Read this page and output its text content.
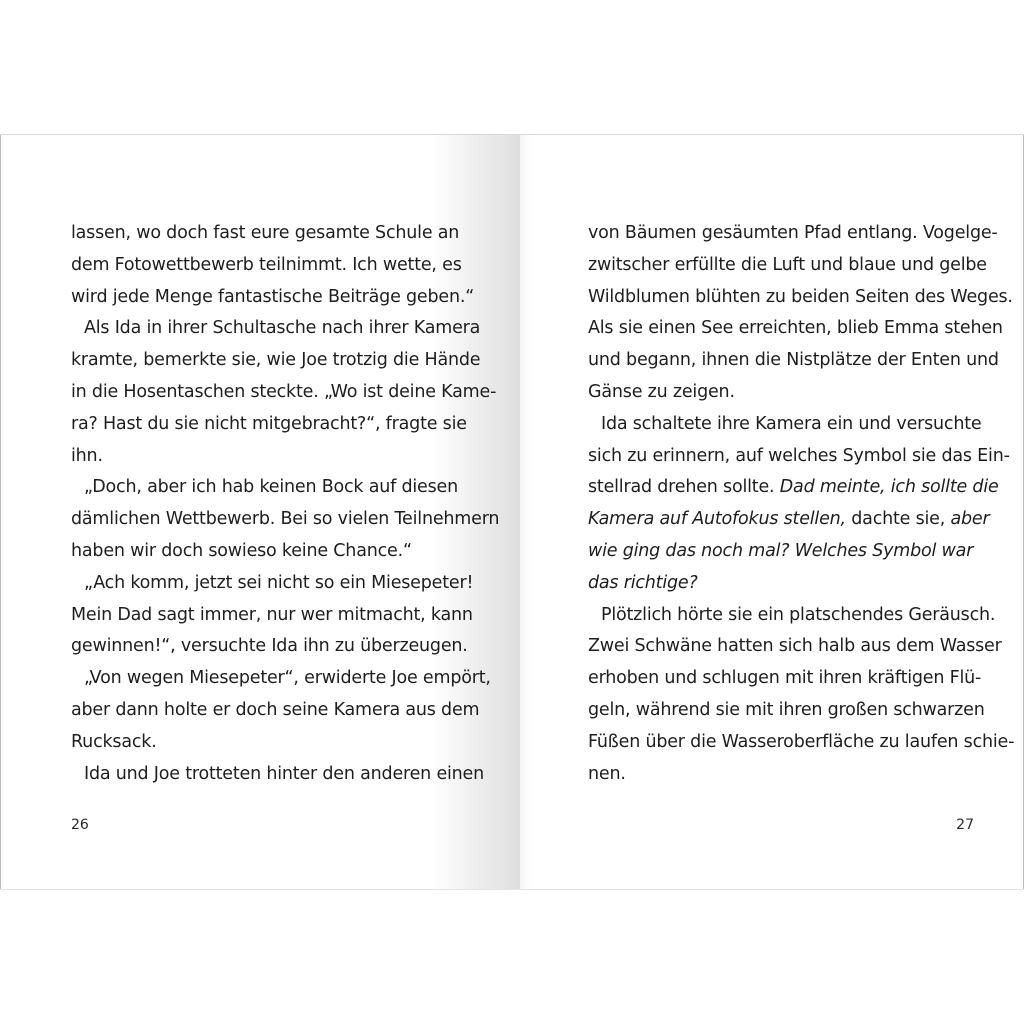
lassen, wo doch fast eure gesamte Schule an
dem Fotowettbewerb teilnimmt. Ich wette, es
wird jede Menge fantastische Beiträge geben.“
Als Ida in ihrer Schultasche nach ihrer Kamera
kramte, bemerkte sie, wie Joe trotzig die Hände
in die Hosentaschen steckte. „Wo ist deine Kame-
ra? Hast du sie nicht mitgebracht?“, fragte sie
ihn.
„Doch, aber ich hab keinen Bock auf diesen
dämlichen Wettbewerb. Bei so vielen Teilnehmern
haben wir doch sowieso keine Chance.“
„Ach komm, jetzt sei nicht so ein Miesepeter!
Mein Dad sagt immer, nur wer mitmacht, kann
gewinnen!“, versuchte Ida ihn zu überzeugen.
„Von wegen Miesepeter“, erwiderte Joe empört,
aber dann holte er doch seine Kamera aus dem
Rucksack.
Ida und Joe trotteten hinter den anderen einen
26
von Bäumen gesäumten Pfad entlang. Vogelge-
zwitscher erfüllte die Luft und blaue und gelbe
Wildblumen blühten zu beiden Seiten des Weges.
Als sie einen See erreichten, blieb Emma stehen
und begann, ihnen die Nistplätze der Enten und
Gänse zu zeigen.
Ida schaltete ihre Kamera ein und versuchte
sich zu erinnern, auf welches Symbol sie das Ein-
stellrad drehen sollte. Dad meinte, ich sollte die
Kamera auf Autofokus stellen, dachte sie, aber
wie ging das noch mal? Welches Symbol war
das richtige?
Plötzlich hörte sie ein platschendes Geräusch.
Zwei Schwäne hatten sich halb aus dem Wasser
erhoben und schlugen mit ihren kräftigen Flü-
geln, während sie mit ihren großen schwarzen
Füßen über die Wasseroberfläche zu laufen schie-
nen.
27
